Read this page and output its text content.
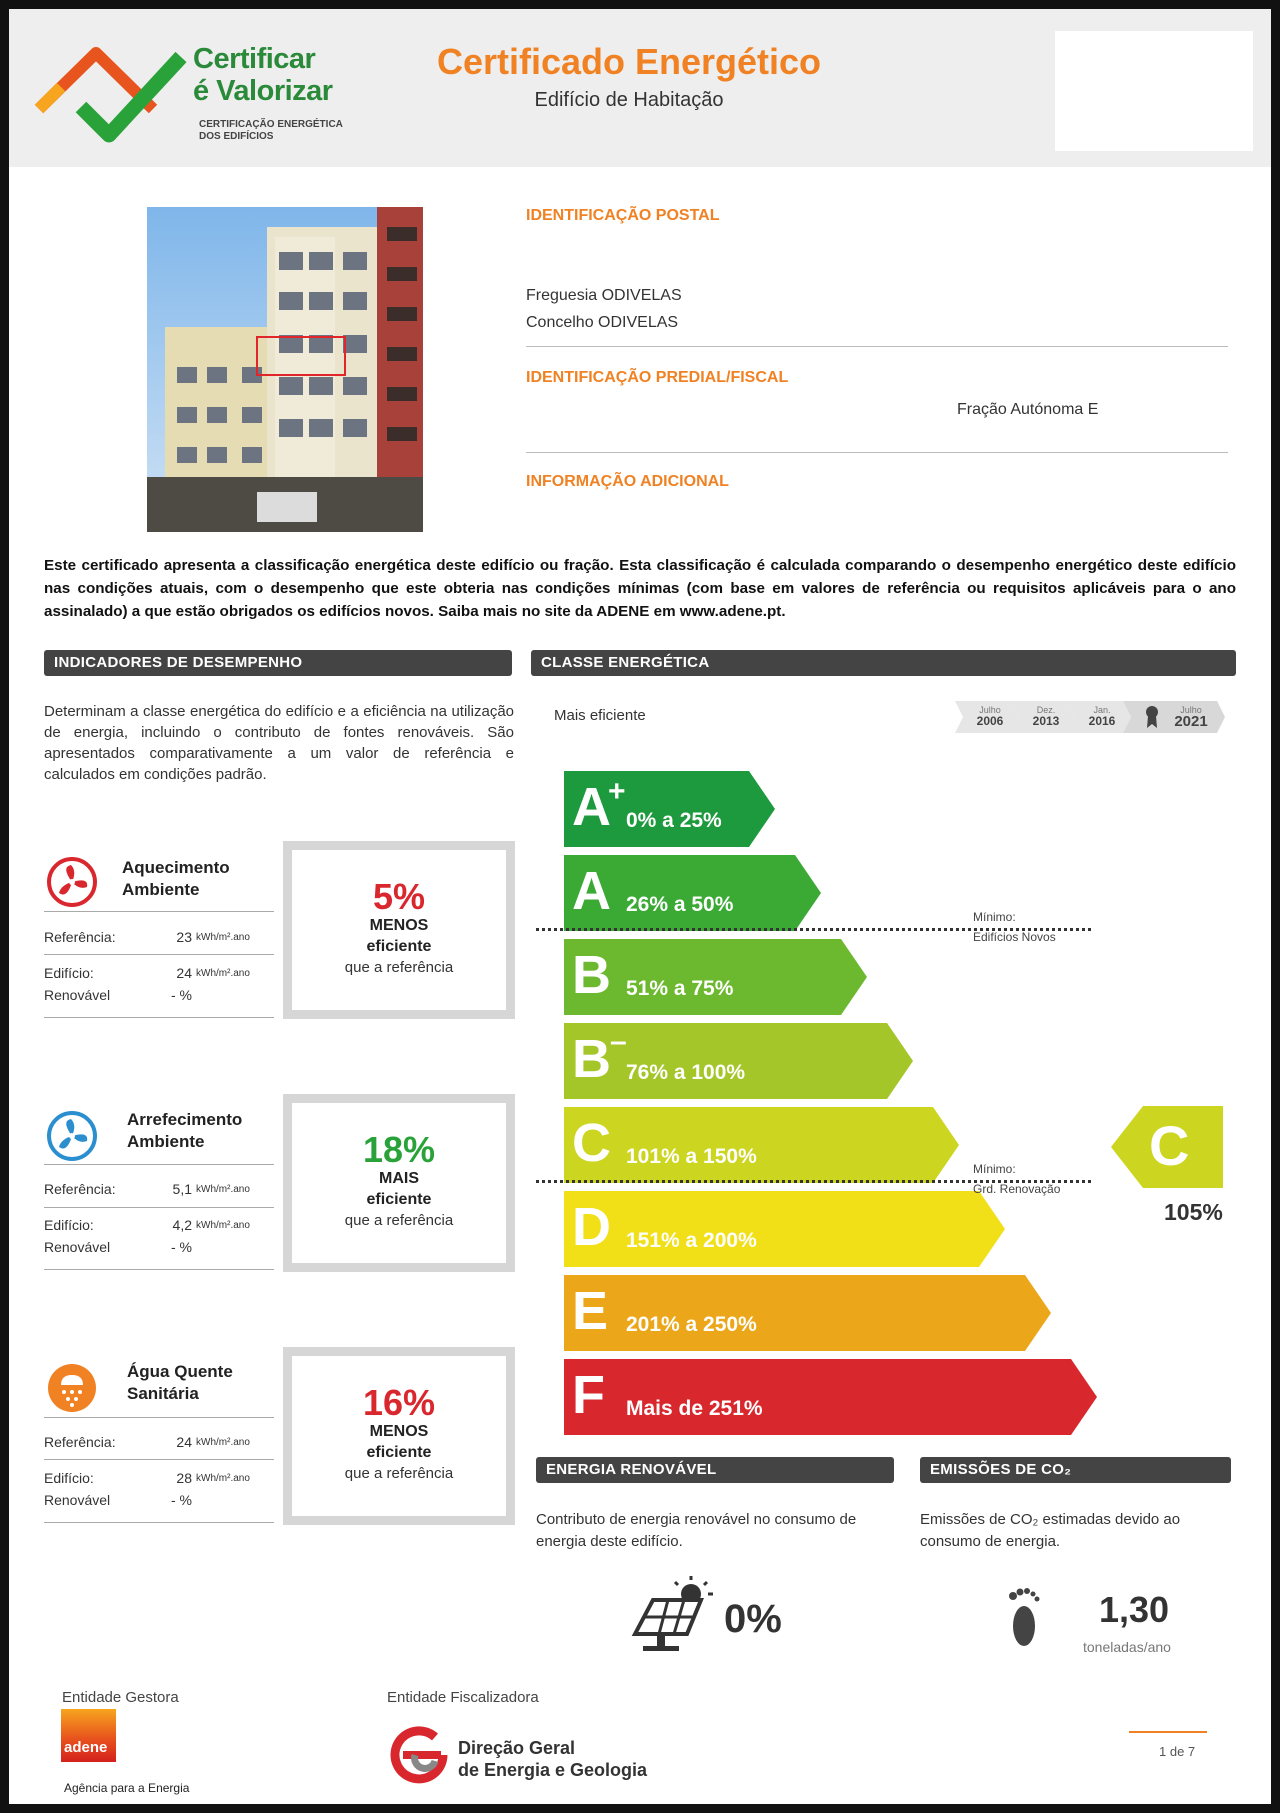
Certificar
é Valorizar
CERTIFICAÇÃO ENERGÉTICA
DOS EDIFÍCIOS
Certificado Energético
Edifício de Habitação
IDENTIFICAÇÃO POSTAL
Freguesia ODIVELAS
Concelho ODIVELAS
IDENTIFICAÇÃO PREDIAL/FISCAL
Fração Autónoma E
INFORMAÇÃO ADICIONAL
Este certificado apresenta a classificação energética deste edifício ou fração. Esta classificação é calculada comparando o desempenho energético deste edifício nas condições atuais, com o desempenho que este obteria nas condições mínimas (com base em valores de referência ou requisitos aplicáveis para o ano assinalado) a que estão obrigados os edifícios novos. Saiba mais no site da ADENE em www.adene.pt.
INDICADORES DE DESEMPENHO	CLASSE ENERGÉTICA
Determinam a classe energética do edifício e a eficiência na utilização de energia, incluindo o contributo de fontes renováveis. São apresentados comparativamente a um valor de referência e calculados em condições padrão.
Mais eficiente	Julho
2006
Dez.
2013
Jan.
2016
Julho
2021
Aquecimento
Ambiente
Referência:	23 kWh/m².ano
Edifício:	24 kWh/m².ano
Renovável	- %
5%
MENOS
eficiente
que a referência
Arrefecimento
Ambiente
Referência:	5,1 kWh/m².ano
Edifício:	4,2 kWh/m².ano
Renovável	- %
18%
MAIS
eficiente
que a referência
Água Quente
Sanitária
Referência:	24 kWh/m².ano
Edifício:	28 kWh/m².ano
Renovável	- %
16%
MENOS
eficiente
que a referência
A
+
0% a 25%
A 26% a 50%
B 51% a 75%
B –
76% a 100%
C 101% a 150%
D 151% a 200%
E 201% a 250%
F Mais de 251%
Mínimo:
Edifícios Novos
Mínimo:
Grd. Renovação
C
105%
ENERGIA RENOVÁVEL	EMISSÕES DE CO₂
Contributo de energia renovável no consumo de energia deste edifício.
Emissões de CO₂ estimadas devido ao consumo de energia.
0%	1,30
toneladas/ano
Entidade Gestora
adene
Agência para a Energia
Entidade Fiscalizadora
Direção Geral
de Energia e Geologia
1 de 7
